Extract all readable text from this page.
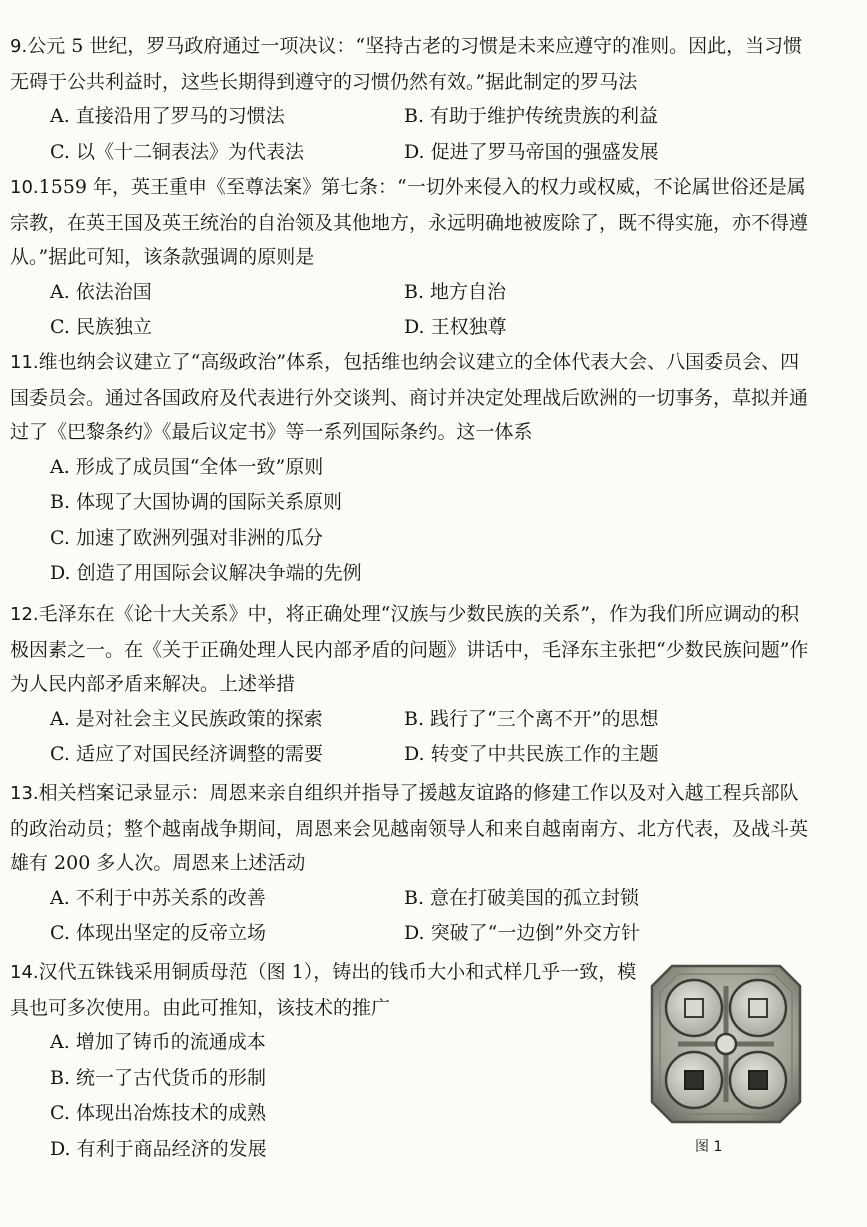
9.公元 5 世纪，罗马政府通过一项决议：“坚持古老的习惯是未来应遵守的准则。因此，当习惯无碍于公共利益时，这些长期得到遵守的习惯仍然有效。”据此制定的罗马法

A. 直接沿用了罗马的习惯法	B. 有助于维护传统贵族的利益
C. 以《十二铜表法》为代表法	D. 促进了罗马帝国的强盛发展

10.1559 年，英王重申《至尊法案》第七条：“一切外来侵入的权力或权威，不论属世俗还是属宗教，在英王国及英王统治的自治领及其他地方，永远明确地被废除了，既不得实施，亦不得遵从。”据此可知，该条款强调的原则是

A. 依法治国	B. 地方自治
C. 民族独立	D. 王权独尊

11.维也纳会议建立了“高级政治”体系，包括维也纳会议建立的全体代表大会、八国委员会、四国委员会。通过各国政府及代表进行外交谈判、商讨并决定处理战后欧洲的一切事务，草拟并通过了《巴黎条约》《最后议定书》等一系列国际条约。这一体系

A. 形成了成员国“全体一致”原则
B. 体现了大国协调的国际关系原则
C. 加速了欧洲列强对非洲的瓜分
D. 创造了用国际会议解决争端的先例

12.毛泽东在《论十大关系》中，将正确处理“汉族与少数民族的关系”，作为我们所应调动的积极因素之一。在《关于正确处理人民内部矛盾的问题》讲话中，毛泽东主张把“少数民族问题”作为人民内部矛盾来解决。上述举措

A. 是对社会主义民族政策的探索	B. 践行了“三个离不开”的思想
C. 适应了对国民经济调整的需要	D. 转变了中共民族工作的主题

13.相关档案记录显示：周恩来亲自组织并指导了援越友谊路的修建工作以及对入越工程兵部队的政治动员；整个越南战争期间，周恩来会见越南领导人和来自越南南方、北方代表，及战斗英雄有 200 多人次。周恩来上述活动

A. 不利于中苏关系的改善	B. 意在打破美国的孤立封锁
C. 体现出坚定的反帝立场	D. 突破了“一边倒”外交方针

14.汉代五铢钱采用铜质母范（图 1），铸出的钱币大小和式样几乎一致，模具也可多次使用。由此可推知，该技术的推广

A. 增加了铸币的流通成本
B. 统一了古代货币的形制
C. 体现出冶炼技术的成熟
D. 有利于商品经济的发展	图 1
